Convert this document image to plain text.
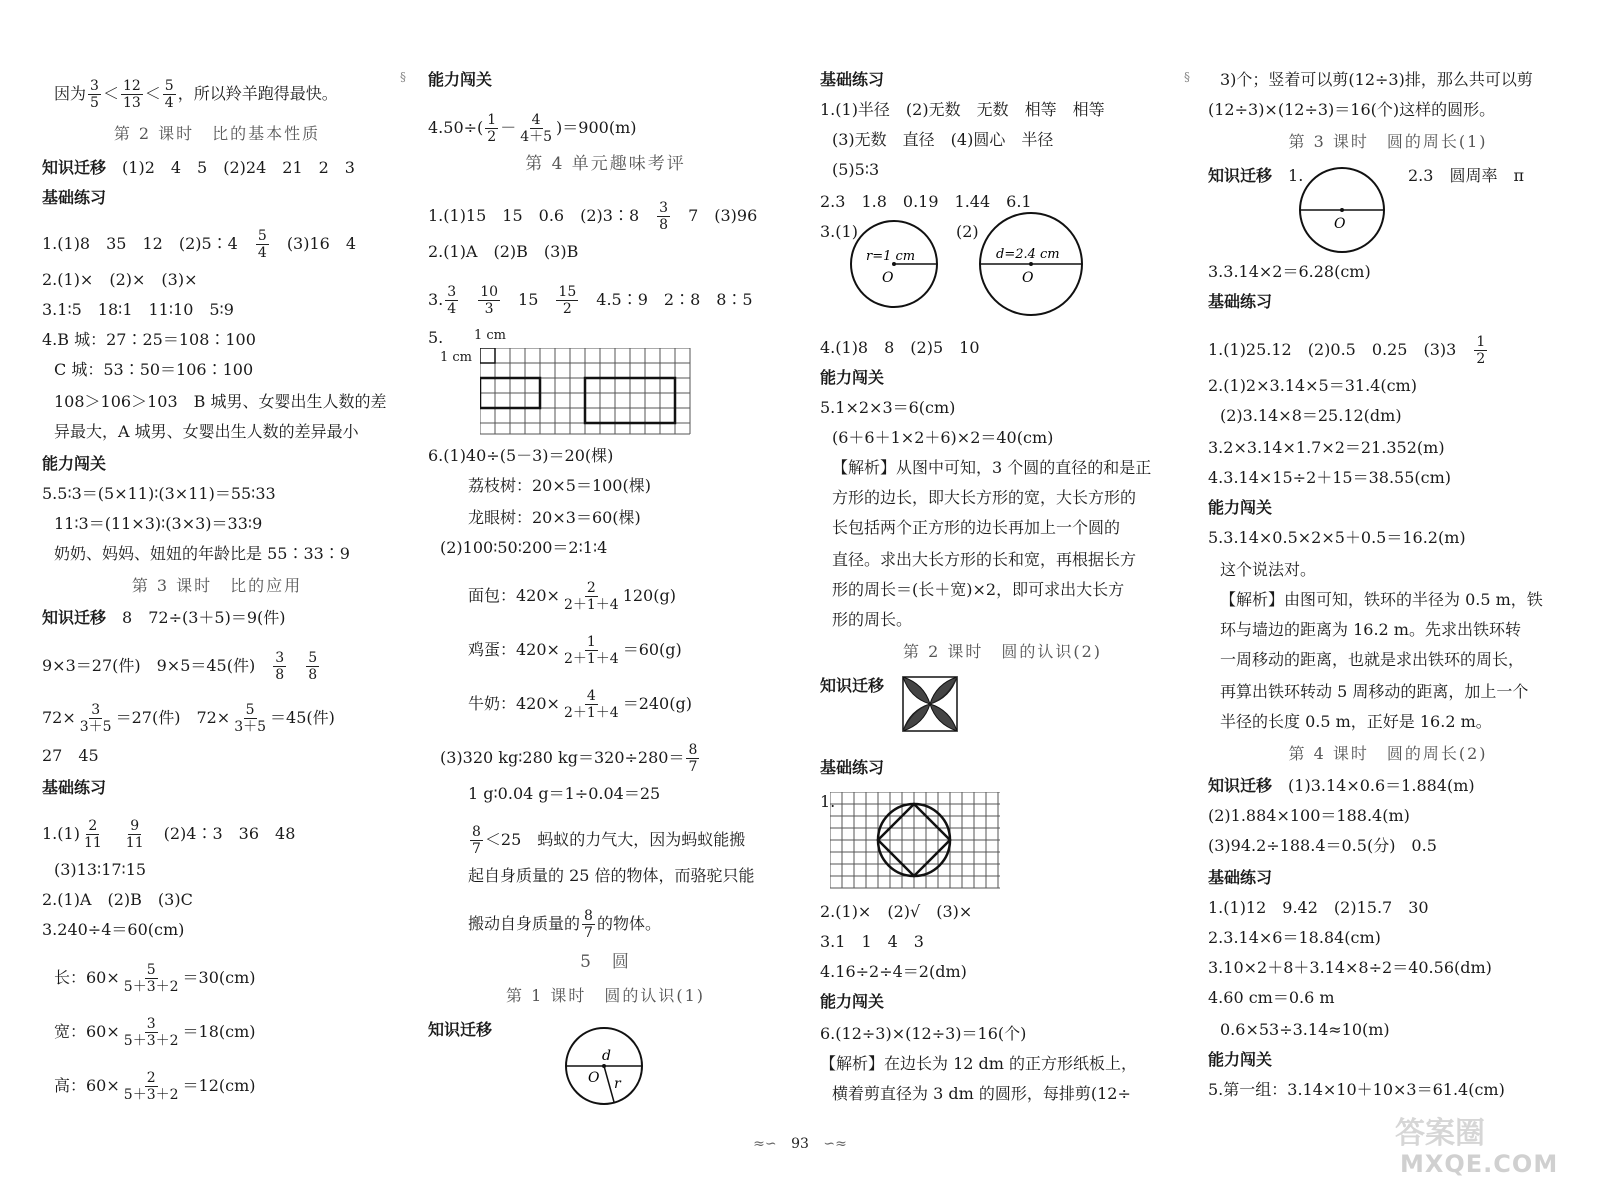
因为 $\frac{3}{5} < \frac{12}{13} < \frac{5}{4}$ ，所以羚羊跑得最快。
第 2 课时　比的基本性质
知识迁移　 (1)2　4　5　(2)24　21　2　3
基础练习
1.(1)8　35　12　(2)5∶4　 $\frac{5}{4}$
　 (3)16　4
2.(1)×　(2)×　(3)×
3.1∶5　18∶1　11∶10　5∶9
4.B 城：27∶25＝108∶100
C 城：53∶50＝106∶100
108＞106＞103　B 城男、女婴出生人数的差
异最大，A 城男、女婴出生人数的差异最小
能力闯关
5.5∶3＝(5×11)∶(3×11)＝55∶33
11∶3＝(11×3)∶(3×3)＝33∶9
奶奶、妈妈、妞妞的年龄比是 55∶33∶9
第 3 课时　比的应用
知识迁移　 8　72÷(3＋5)＝9(件)
9×3＝27(件)　9×5＝45(件)　 $\frac{3}{8}$
　 $\frac{5}{8}$
$72\times \frac{3}{3+5} =27$(件)　$72\times \frac{5}{3+5} =45$(件)
27　45
基础练习
$1.(1) \frac{2}{11}$
　 $\frac{9}{11}$
　 (2)4∶3　36　48
(3)13∶17∶15
2.(1)A　(2)B　(3)C
3.240÷4＝60(cm)
长：$60\times \frac{5}{5+3+2} =30(cm)$
宽：$60\times \frac{3}{5+3+2} =18(cm)$
高：$60\times \frac{2}{5+3+2} =12(cm)$
§ 能力闯关
$4.50\div( \frac{1}{2} - \frac{4}{4+5} )=900(m)$
第 4 单元趣味考评
1.(1)15　15　0.6　(2)3∶8　 $\frac{3}{8}$
　 7　(3)96
2.(1)A　(2)B　(3)B
3. $\frac{3}{4}$
　 $\frac{10}{3}$
　 15　 $\frac{15}{2}$
　 4.5∶9　2∶8　8∶5
5. 1 cm
1 cm
6.(1)40÷(5－3)＝20(棵)
荔枝树：20×5＝100(棵)
龙眼树：20×3＝60(棵)
(2)100∶50∶200＝2∶1∶4
面包：$420\times \frac{2}{2+1+4} 120(g)$
鸡蛋：$420\times \frac{1}{2+1+4} =60(g)$
牛奶：$420\times \frac{4}{2+1+4} =240(g)$
(3)320 kg∶280 $kg=320\div 280= \frac{8}{7}$
1 g∶0.04 g＝1÷0.04＝25
$\frac{8}{7} <25$　蚂蚁的力气大，因为蚂蚁能搬
起自身质量的 25 倍的物体，而骆驼只能
搬动自身质量的 $\frac{8}{7}$ 的物体。
5　圆
第 1 课时　圆的认识(1)
知识迁移
d
O r
基础练习
1.(1)半径　(2)无数　无数　相等　相等
(3)无数　直径　(4)圆心　半径
(5)5∶3
2.3　1.8　0.19　1.44　6.1
3.(1)	(2)
r=1 cm
O
d=2.4 cm
O
4.(1)8　8　(2)5　10
能力闯关
5.1×2×3＝6(cm)
(6＋6＋1×2＋6)×2＝40(cm)
【解析】从图中可知，3 个圆的直径的和是正
方形的边长，即大长方形的宽，大长方形的
长包括两个正方形的边长再加上一个圆的
直径。求出大长方形的长和宽，再根据长方
形的周长＝(长＋宽)×2，即可求出大长方
形的周长。
第 2 课时　圆的认识(2)
知识迁移
基础练习
1.
2.(1)×　(2)√　(3)×
3.1　1　4　3
4.16÷2÷4＝2(dm)
能力闯关
6.(12÷3)×(12÷3)＝16(个)
【解析】在边长为 12 dm 的正方形纸板上，
横着剪直径为 3 dm 的圆形，每排剪(12÷
§ 3)个；竖着可以剪(12÷3)排，那么共可以剪
(12÷3)×(12÷3)＝16(个)这样的圆形。
第 3 课时　圆的周长(1)
知识迁移　 1.	2.3　圆周率　π
O
3.3.14×2＝6.28(cm)
基础练习
1.(1)25.12　(2)0.5　0.25　(3)3　 $\frac{1}{2}$
2.(1)2×3.14×5＝31.4(cm)
(2)3.14×8＝25.12(dm)
3.2×3.14×1.7×2＝21.352(m)
4.3.14×15÷2＋15＝38.55(cm)
能力闯关
5.3.14×0.5×2×5＋0.5＝16.2(m)
这个说法对。
【解析】由图可知，铁环的半径为 0.5 m，铁
环与墙边的距离为 16.2 m。先求出铁环转
一周移动的距离，也就是求出铁环的周长，
再算出铁环转动 5 周移动的距离，加上一个
半径的长度 0.5 m，正好是 16.2 m。
第 4 课时　圆的周长(2)
知识迁移　 (1)3.14×0.6＝1.884(m)
(2)1.884×100＝188.4(m)
(3)94.2÷188.4＝0.5(分)　0.5
基础练习
1.(1)12　9.42　(2)15.7　30
2.3.14×6＝18.84(cm)
3.10×2＋8＋3.14×8÷2＝40.56(dm)
4.60 cm＝0.6 m
0.6×53÷3.14≈10(m)
能力闯关
5.第一组：3.14×10＋10×3＝61.4(cm)
≈∽ 93 ∽≈	答案圈
MXQE.COM
